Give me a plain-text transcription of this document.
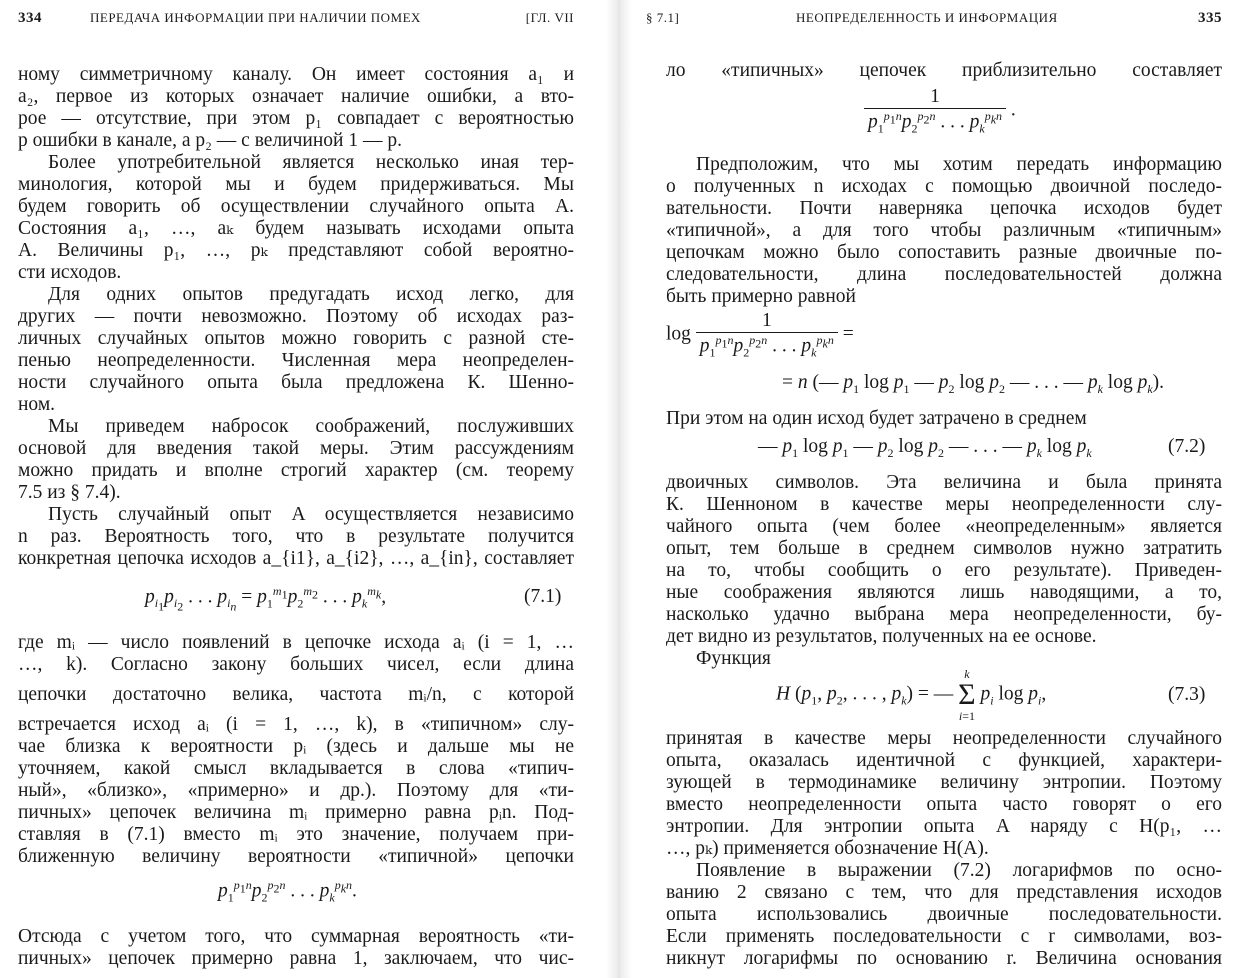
334	ПЕРЕДАЧА ИНФОРМАЦИИ ПРИ НАЛИЧИИ ПОМЕХ	[ГЛ. VII
ному симметричному каналу. Он имеет состояния a₁ и
a₂, первое из которых означает наличие ошибки, а вто-
рое — отсутствие, при этом p₁ совпадает с вероятностью
p ошибки в канале, а p₂ — с величиной 1 — p.
Более употребительной является несколько иная тер-
минология, которой мы и будем придерживаться. Мы
будем говорить об осуществлении случайного опыта A.
Состояния a₁, …, aₖ будем называть исходами опыта
A. Величины p₁, …, pₖ представляют собой вероятно-
сти исходов.
Для одних опытов предугадать исход легко, для
других — почти невозможно. Поэтому об исходах раз-
личных случайных опытов можно говорить с разной сте-
пенью неопределенности. Численная мера неопределен-
ности случайного опыта была предложена К. Шенно-
ном.
Мы приведем набросок соображений, послуживших
основой для введения такой меры. Этим рассуждениям
можно придать и вполне строгий характер (см. теорему
7.5 из § 7.4).
Пусть случайный опыт A осуществляется независимо
n раз. Вероятность того, что в результате получится
конкретная цепочка исходов a_{i1}, a_{i2}, …, a_{in}, составляет
$p_{i_1}p_{i_2}$ . . . $p_{i_n} = p_1^{m_1}p_2^{m_2}$ . . . $p_k^{m_k}$,	(7.1)
где mᵢ — число появлений в цепочке исхода aᵢ (i = 1, …
…, k). Согласно закону больших чисел, если длина
цепочки достаточно велика, частота mᵢ/n, с которой
встречается исход aᵢ (i = 1, …, k), в «типичном» слу-
чае близка к вероятности pᵢ (здесь и дальше мы не
уточняем, какой смысл вкладывается в слова «типич-
ный», «близко», «примерно» и др.). Поэтому для «ти-
пичных» цепочек величина mᵢ примерно равна pᵢn. Под-
ставляя в (7.1) вместо mᵢ это значение, получаем при-
ближенную величину вероятности «типичной» цепочки
$p_1^{p_1n}p_2^{p_2n}$ . . . $p_k^{p_kn}$.
Отсюда с учетом того, что суммарная вероятность «ти-
пичных» цепочек примерно равна 1, заключаем, что чис-
§ 7.1]	НЕОПРЕДЕЛЕННОСТЬ И ИНФОРМАЦИЯ	335
ло «типичных» цепочек приблизительно составляет
$\frac{1}{p_1^{p_1n}p_2^{p_2n} . . . p_k^{p_kn}}$ .
Предположим, что мы хотим передать информацию
о полученных n исходах с помощью двоичной последо-
вательности. Почти наверняка цепочка исходов будет
«типичной», а для того чтобы различным «типичным»
цепочкам можно было сопоставить разные двоичные по-
следовательности, длина последовательностей должна
быть примерно равной
$\log \frac{1}{p_1^{p_1n}p_2^{p_2n} . . . p_k^{p_kn}}$ =
= n (— $p_1$ $\log p_1$ — $p_2$ $\log p_2$ — . . . — $p_k$ $\log p_k$).
При этом на один исход будет затрачено в среднем
— $p_1$ $\log p_1$ — $p_2$ $\log p_2$ — . . . — $p_k$ $\log p_k$	(7.2)
двоичных символов. Эта величина и была принята
К. Шенноном в качестве меры неопределенности слу-
чайного опыта (чем более «неопределенным» является
опыт, тем больше в среднем символов нужно затратить
на то, чтобы сообщить о его результате). Приведен-
ные соображения являются лишь наводящими, а то,
насколько удачно выбрана мера неопределенности, бу-
дет видно из результатов, полученных на ее основе.
Функция
H ($p_1$, $p_2$, . . . , $p_k$) = — k
Σ
i=1 $p_i$ $\log p_i$,	(7.3)
принятая в качестве меры неопределенности случайного
опыта, оказалась идентичной с функцией, характери-
зующей в термодинамике величину энтропии. Поэтому
вместо неопределенности опыта часто говорят о его
энтропии. Для энтропии опыта A наряду с H(p₁, …
…, pₖ) применяется обозначение H(A).
Появление в выражении (7.2) логарифмов по осно-
ванию 2 связано с тем, что для представления исходов
опыта использовались двоичные последовательности.
Если применять последовательности с r символами, воз-
никнут логарифмы по основанию r. Величина основания
